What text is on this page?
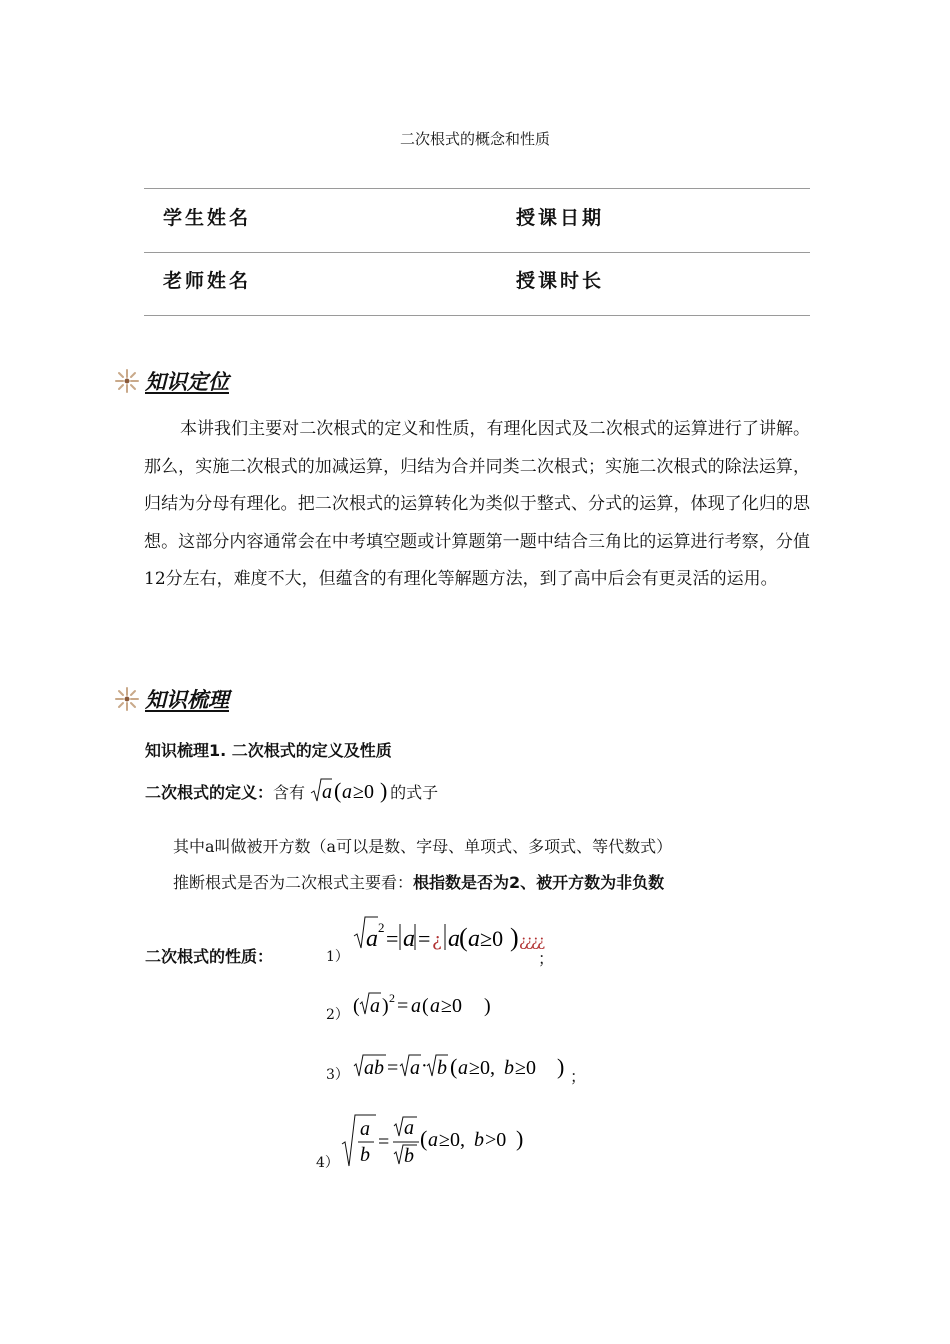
二次根式的概念和性质
学生姓名	授课日期
老师姓名	授课时长
知识定位

本讲我们主要对二次根式的定义和性质，有理化因式及二次根式的运算进行了讲解。那么，实施二次根式的加减运算，归结为合并同类二次根式；实施二次根式的除法运算，归结为分母有理化。把二次根式的运算转化为类似于整式、分式的运算，体现了化归的思想。这部分内容通常会在中考填空题或计算题第一题中结合三角比的运算进行考察，分值12分左右，难度不大，但蕴含的有理化等解题方法，到了高中后会有更灵活的运用。

知识梳理
知识梳理1. 二次根式的定义及性质
二次根式的定义：含有 a ( a ≥0 ) 的式子
其中a叫做被开方数（a可以是数、字母、单项式、多项式、等代数式）
推断根式是否为二次根式主要看：根指数是否为2、被开方数为非负数
二次根式的性质：	1）
a 2 = a = ¿ a ( a ≥0 ) ¿¿¿¿
；
2） ( a ) 2 = a ( a ≥0 )
3） ab = a · b ( a ≥0, b ≥0 ) ；
4）
a
b
=
a
b
( a ≥0, b >0 )
